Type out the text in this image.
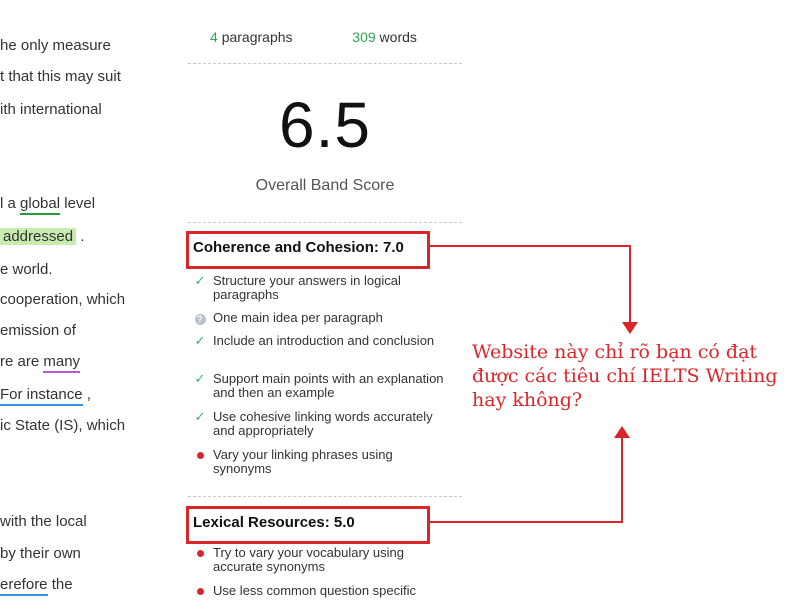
he only measure
t that this may suit
ith international
l a global level
addressed .
e world.
cooperation, which
emission of
re are many
For instance ,
ic State (IS), which
with the local
by their own
erefore the
4 paragraphs	309 words
6.5
Overall Band Score
Coherence and Cohesion: 7.0
✓ Structure your answers in logical paragraphs
? One main idea per paragraph
✓ Include an introduction and conclusion
✓ Support main points with an explanation and then an example
✓ Use cohesive linking words accurately and appropriately
Vary your linking phrases using synonyms
Lexical Resources: 5.0
Try to vary your vocabulary using accurate synonyms
Use less common question specific
Website này chỉ rõ bạn có đạt được các tiêu chí IELTS Writing hay không?
